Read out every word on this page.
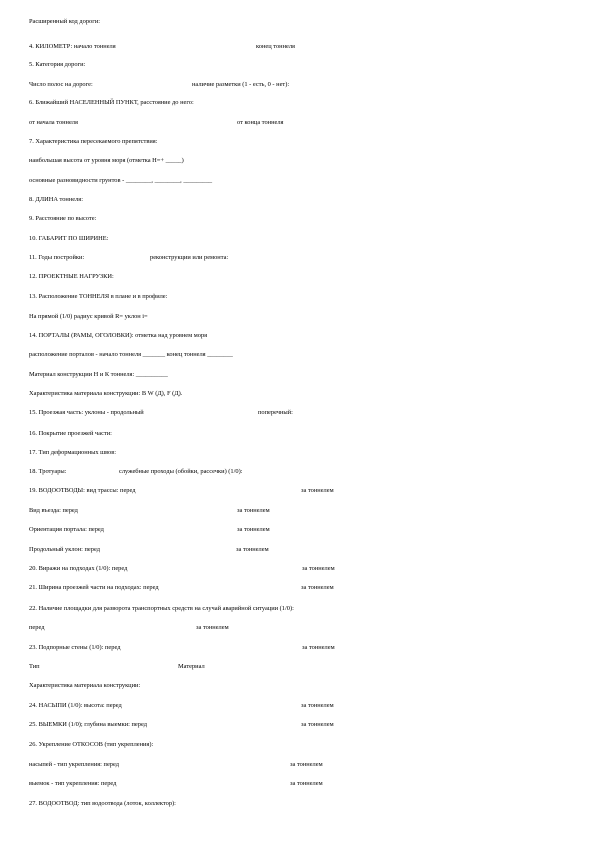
Расширенный код дороги:
4. КИЛОМЕТР: начало тоннеля	конец тоннеля
5. Категория дороги:
Число полос на дороге:	наличие разметки (1 - есть, 0 - нет):
6. Ближайший НАСЕЛЕННЫЙ ПУНКТ, расстояние до него:
от начала тоннеля	от конца тоннеля
7. Характеристика пересекаемого препятствия:
наибольшая высота от уровня моря (отметка Н=+ _____)
основные разновидности грунтов - ________, ________, _________
8. ДЛИНА тоннеля:
9. Расстояние по высоте:
10. ГАБАРИТ ПО ШИРИНЕ:
11. Годы постройки:	реконструкции или ремонта:
12. ПРОЕКТНЫЕ НАГРУЗКИ:
13. Расположение ТОННЕЛЯ в плане и в профиле:
На прямой (1/0) радиус кривой R= уклон i=
14. ПОРТАЛЫ (РАМЫ, ОГОЛОВКИ): отметка над уровнем моря
расположение порталов - начало тоннеля _______ конец тоннеля ________
Материал конструкции Н и К тоннеля: __________
Характеристика материала конструкции: В W (Д), F (Д).
15. Проезжая часть: уклоны - продольный	поперечный:
16. Покрытие проезжей части:
17. Тип деформационных швов:
18. Тротуары:	служебные проходы (обойки, рассечки) (1/0):
19. ВОДООТВОДЫ: вид трассы: перед	за тоннелем
Вид въезда: перед	за тоннелем
Ориентация портала: перед	за тоннелем
Продольный уклон: перед	за тоннелем
20. Виражи на подходах (1/0): перед	за тоннелем
21. Ширина проезжей части на подходах: перед	за тоннелем
22. Наличие площадки для разворота транспортных средств на случай аварийной ситуации (1/0):
перед	за тоннелем
23. Подпорные стены (1/0): перед	за тоннелем
Тип	Материал
Характеристика материала конструкции:
24. НАСЫПИ (1/0): высота: перед	за тоннелем
25. ВЫЕМКИ (1/0); глубина выемки: перед	за тоннелем
26. Укрепление ОТКОСОВ (тип укрепления):
насыпей - тип укрепления: перед	за тоннелем
выемок - тип укрепления: перед	за тоннелем
27. ВОДООТВОД: тип водоотвода (лоток, коллектор):
